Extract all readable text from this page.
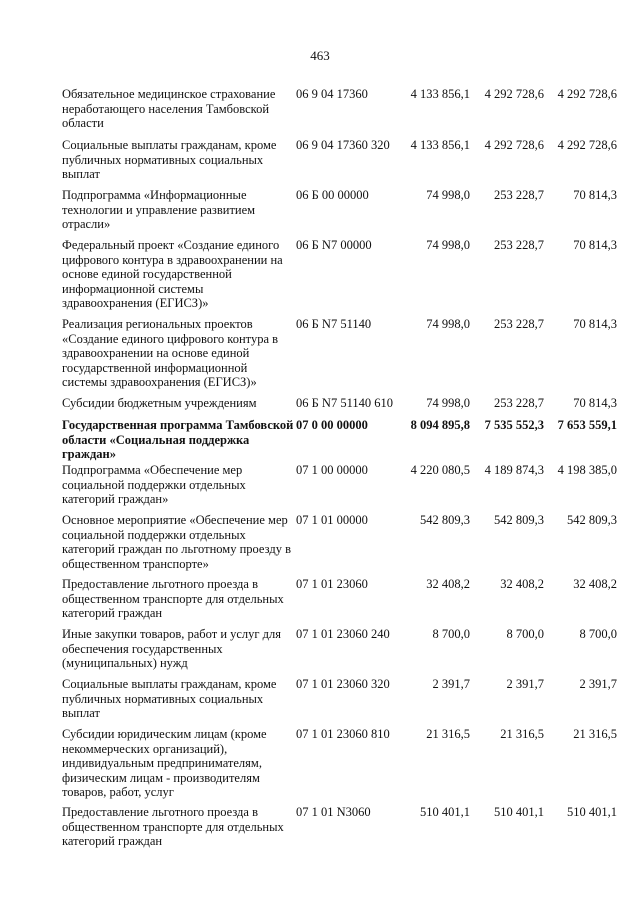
463
Обязательное медицинское страхование неработающего населения Тамбовской области
06 9 04 17360	4 133 856,1	4 292 728,6	4 292 728,6
Социальные выплаты гражданам, кроме публичных нормативных социальных выплат
06 9 04 17360 320	4 133 856,1	4 292 728,6	4 292 728,6
Подпрограмма «Информационные технологии и управление развитием отрасли»
06 Б 00 00000	74 998,0	253 228,7	70 814,3
Федеральный проект «Создание единого цифрового контура в здравоохранении на основе единой государственной информационной системы здравоохранения (ЕГИСЗ)»
06 Б N7 00000	74 998,0	253 228,7	70 814,3
Реализация региональных проектов «Создание единого цифрового контура в здравоохранении на основе единой государственной информационной системы здравоохранения (ЕГИСЗ)»
06 Б N7 51140	74 998,0	253 228,7	70 814,3
Субсидии бюджетным учреждениям	06 Б N7 51140 610	74 998,0	253 228,7	70 814,3
Государственная программа Тамбовской области «Социальная поддержка граждан»
07 0 00 00000	8 094 895,8	7 535 552,3	7 653 559,1
Подпрограмма «Обеспечение мер социальной поддержки отдельных категорий граждан»
07 1 00 00000	4 220 080,5	4 189 874,3	4 198 385,0
Основное мероприятие «Обеспечение мер социальной поддержки отдельных категорий граждан по льготному проезду в общественном транспорте»
07 1 01 00000	542 809,3	542 809,3	542 809,3
Предоставление льготного проезда в общественном транспорте для отдельных категорий граждан
07 1 01 23060	32 408,2	32 408,2	32 408,2
Иные закупки товаров, работ и услуг для обеспечения государственных (муниципальных) нужд
07 1 01 23060 240	8 700,0	8 700,0	8 700,0
Социальные выплаты гражданам, кроме публичных нормативных социальных выплат
07 1 01 23060 320	2 391,7	2 391,7	2 391,7
Субсидии юридическим лицам (кроме некоммерческих организаций), индивидуальным предпринимателям, физическим лицам - производителям товаров, работ, услуг
07 1 01 23060 810	21 316,5	21 316,5	21 316,5
Предоставление льготного проезда в общественном транспорте для отдельных категорий граждан
07 1 01 N3060	510 401,1	510 401,1	510 401,1
